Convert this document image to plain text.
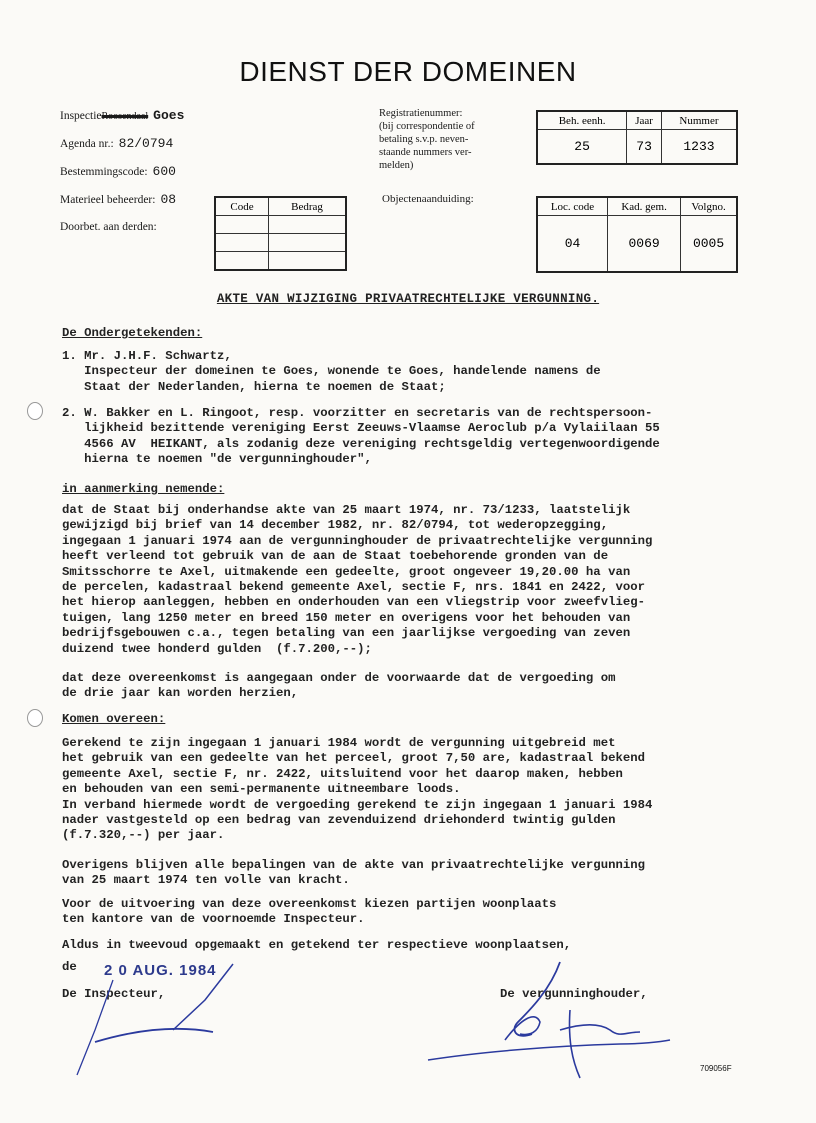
DIENST DER DOMEINEN
InspectieRoosendaal Goes
Agenda nr.: 82/0794
Bestemmingscode: 600
Materieel beheerder: 08
Doorbet. aan derden:
Code	Bedrag

Registratienummer:
(bij correspondentie of
betaling s.v.p. neven-
staande nummers ver-
melden)
Beh. eenh.	Jaar	Nummer
25	73	1233
Objectenaanduiding:
Loc. code	Kad. gem.	Volgno.
04	0069	0005
AKTE VAN WIJZIGING PRIVAATRECHTELIJKE VERGUNNING.
De Ondergetekenden:
1. Mr. J.H.F. Schwartz,
Inspecteur der domeinen te Goes, wonende te Goes, handelende namens de
Staat der Nederlanden, hierna te noemen de Staat;
2. W. Bakker en L. Ringoot, resp. voorzitter en secretaris van de rechtspersoon-
lijkheid bezittende vereniging Eerst Zeeuws-Vlaamse Aeroclub p/a Vylaiilaan 55
4566 AV  HEIKANT, als zodanig deze vereniging rechtsgeldig vertegenwoordigende
hierna te noemen "de vergunninghouder",
in aanmerking nemende:
dat de Staat bij onderhandse akte van 25 maart 1974, nr. 73/1233, laatstelijk
gewijzigd bij brief van 14 december 1982, nr. 82/0794, tot wederopzegging,
ingegaan 1 januari 1974 aan de vergunninghouder de privaatrechtelijke vergunning
heeft verleend tot gebruik van de aan de Staat toebehorende gronden van de
Smitsschorre te Axel, uitmakende een gedeelte, groot ongeveer 19,20.00 ha van
de percelen, kadastraal bekend gemeente Axel, sectie F, nrs. 1841 en 2422, voor
het hierop aanleggen, hebben en onderhouden van een vliegstrip voor zweefvlieg-
tuigen, lang 1250 meter en breed 150 meter en overigens voor het behouden van
bedrijfsgebouwen c.a., tegen betaling van een jaarlijkse vergoeding van zeven
duizend twee honderd gulden  (f.7.200,--);
dat deze overeenkomst is aangegaan onder de voorwaarde dat de vergoeding om
de drie jaar kan worden herzien,
Komen overeen:
Gerekend te zijn ingegaan 1 januari 1984 wordt de vergunning uitgebreid met
het gebruik van een gedeelte van het perceel, groot 7,50 are, kadastraal bekend
gemeente Axel, sectie F, nr. 2422, uitsluitend voor het daarop maken, hebben
en behouden van een semi-permanente uitneembare loods.
In verband hiermede wordt de vergoeding gerekend te zijn ingegaan 1 januari 1984
nader vastgesteld op een bedrag van zevenduizend driehonderd twintig gulden
(f.7.320,--) per jaar.
Overigens blijven alle bepalingen van de akte van privaatrechtelijke vergunning
van 25 maart 1974 ten volle van kracht.
Voor de uitvoering van deze overeenkomst kiezen partijen woonplaats
ten kantore van de voornoemde Inspecteur.
Aldus in tweevoud opgemaakt en getekend ter respectieve woonplaatsen,
de 2 0 AUG. 1984
De Inspecteur,	De vergunninghouder,
709056F
